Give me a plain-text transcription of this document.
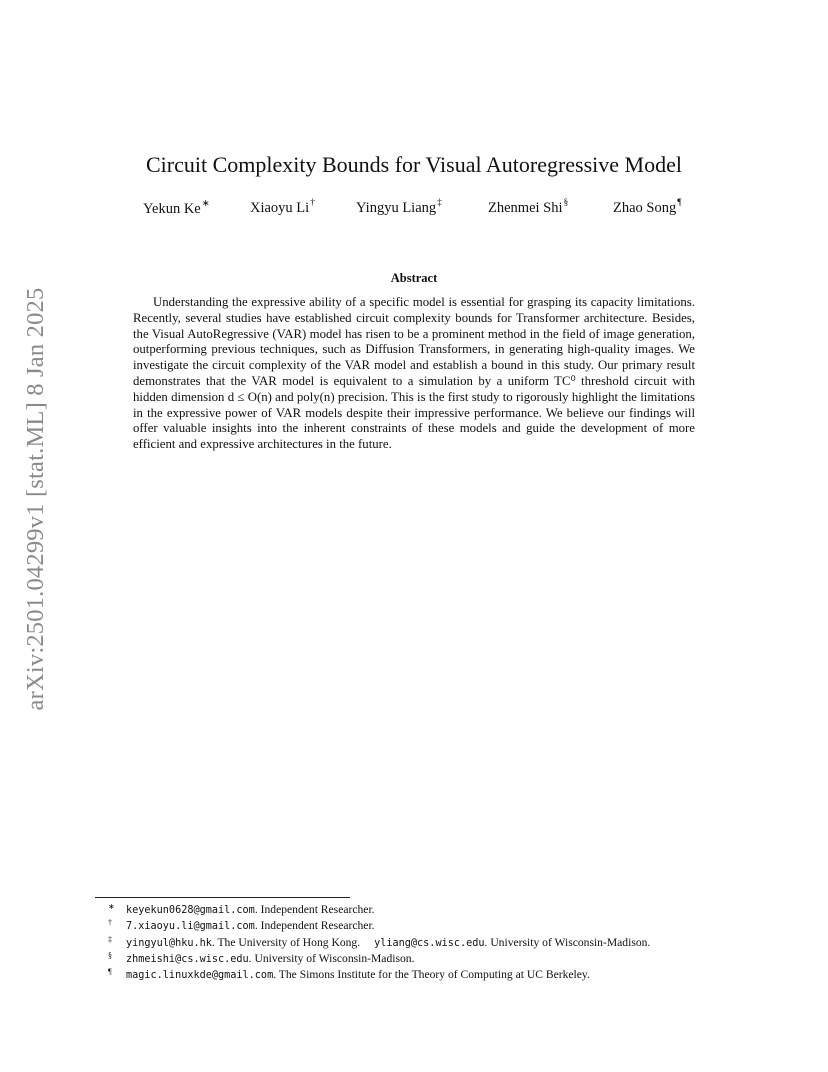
arXiv:2501.04299v1 [stat.ML] 8 Jan 2025
Circuit Complexity Bounds for Visual Autoregressive Model
Yekun Ke∗	Xiaoyu Li†	Yingyu Liang‡	Zhenmei Shi§	Zhao Song¶
Abstract
Understanding the expressive ability of a specific model is essential for grasping its capacity limitations. Recently, several studies have established circuit complexity bounds for Transformer architecture. Besides, the Visual AutoRegressive (VAR) model has risen to be a prominent method in the field of image generation, outperforming previous techniques, such as Diffusion Transformers, in generating high-quality images. We investigate the circuit complexity of the VAR model and establish a bound in this study. Our primary result demonstrates that the VAR model is equivalent to a simulation by a uniform TC⁰ threshold circuit with hidden dimension d ≤ O(n) and poly(n) precision. This is the first study to rigorously highlight the limitations in the expressive power of VAR models despite their impressive performance. We believe our findings will offer valuable insights into the inherent constraints of these models and guide the development of more efficient and expressive architectures in the future.
∗ keyekun0628@gmail.com. Independent Researcher.
†	7.xiaoyu.li@gmail.com. Independent Researcher.
‡	yingyul@hku.hk. The University of Hong Kong. yliang@cs.wisc.edu. University of Wisconsin-Madison.
§	zhmeishi@cs.wisc.edu. University of Wisconsin-Madison.
¶	magic.linuxkde@gmail.com. The Simons Institute for the Theory of Computing at UC Berkeley.
